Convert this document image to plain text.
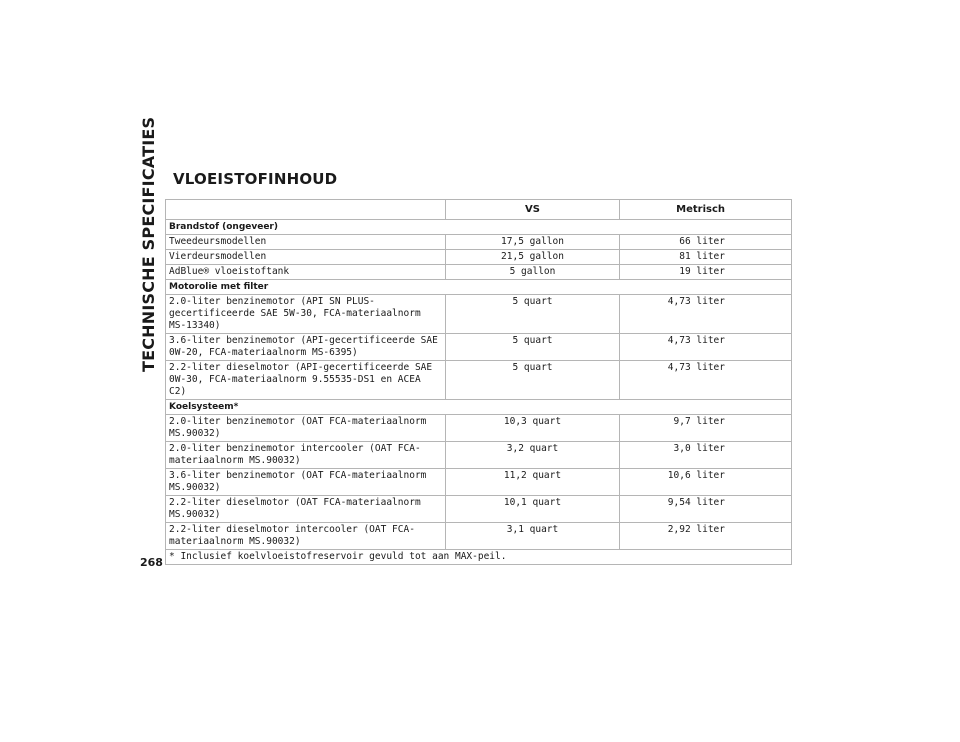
TECHNISCHE SPECIFICATIES
268
VLOEISTOFINHOUD
	VS	Metrisch
Brandstof (ongeveer)		
Tweedeursmodellen	17,5 gallon	66 liter
Vierdeursmodellen	21,5 gallon	81 liter
AdBlue® vloeistoftank	5 gallon	19 liter
Motorolie met filter		
2.0-liter benzinemotor (API SN PLUS-gecertificeerde SAE 5W-30, FCA-materiaalnorm MS-13340)	5 quart	4,73 liter
3.6-liter benzinemotor (API-gecertificeerde SAE 0W-20, FCA-materiaalnorm MS-6395)	5 quart	4,73 liter
2.2-liter dieselmotor (API-gecertificeerde SAE 0W-30, FCA-materiaalnorm 9.55535-DS1 en ACEA C2)	5 quart	4,73 liter
Koelsysteem*		
2.0-liter benzinemotor (OAT FCA-materiaalnorm MS.90032)	10,3 quart	9,7 liter
2.0-liter benzinemotor intercooler (OAT FCA-materiaalnorm MS.90032)	3,2 quart	3,0 liter
3.6-liter benzinemotor (OAT FCA-materiaalnorm MS.90032)	11,2 quart	10,6 liter
2.2-liter dieselmotor (OAT FCA-materiaalnorm MS.90032)	10,1 quart	9,54 liter
2.2-liter dieselmotor intercooler (OAT FCA-materiaalnorm MS.90032)	3,1 quart	2,92 liter
* Inclusief koelvloeistofreservoir gevuld tot aan MAX-peil.		
